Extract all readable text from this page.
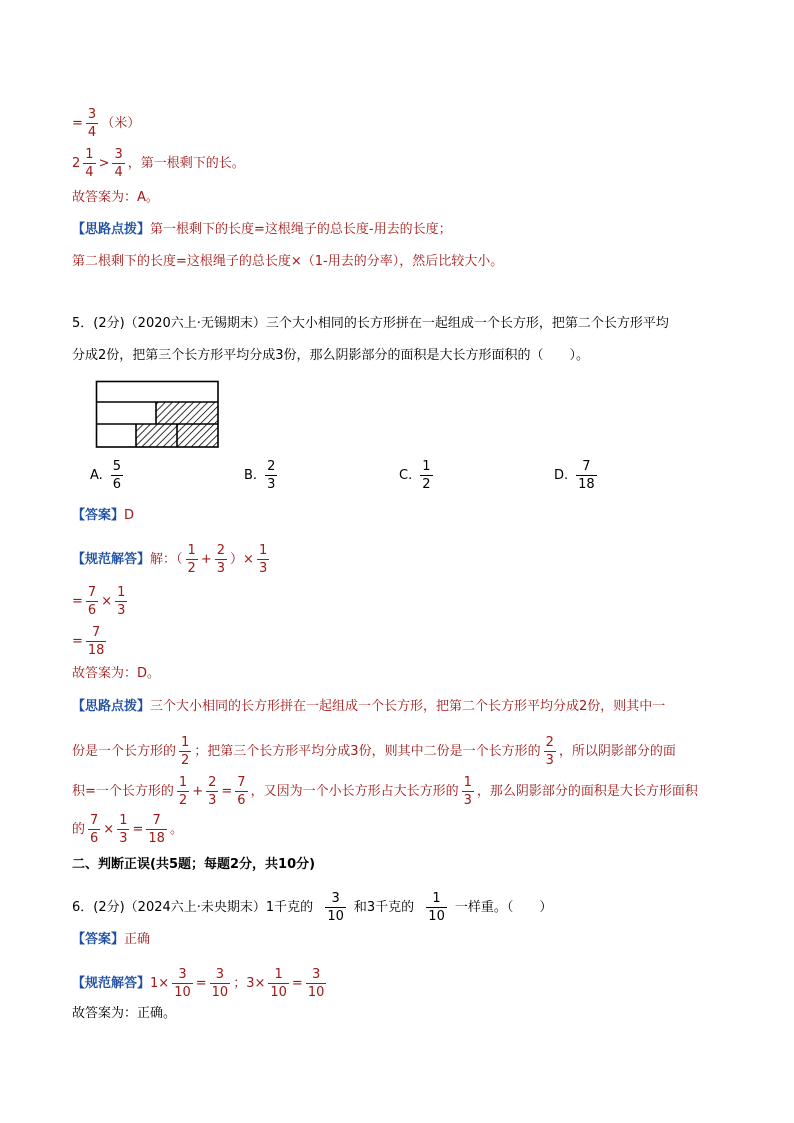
= $\frac{3}{4}$ （米）
$2 \frac{1}{4} > \frac{3}{4}$ ，第一根剩下的长。
故答案为：A。
【思路点拨】第一根剩下的长度=这根绳子的总长度-用去的长度；
第二根剩下的长度=这根绳子的总长度×（1-用去的分率），然后比较大小。
5．(2分)（2020六上·无锡期末）三个大小相同的长方形拼在一起组成一个长方形，把第二个长方形平均
分成2份，把第三个长方形平均分成3份，那么阴影部分的面积是大长方形面积的（　　）。
A. $\frac{5}{6}$	B. $\frac{2}{3}$	C. $\frac{1}{2}$	D. $\frac{7}{18}$
【答案】D
【规范解答】解：（ $\frac{1}{2} + \frac{2}{3}$ ）× $\frac{1}{3}$
= $\frac{7}{6} \times \frac{1}{3}$
= $\frac{7}{18}$
故答案为：D。
【思路点拨】三个大小相同的长方形拼在一起组成一个长方形，把第二个长方形平均分成2份，则其中一
份是一个长方形的 $\frac{1}{2}$ ；把第三个长方形平均分成3份，则其中二份是一个长方形的 $\frac{2}{3}$ ，所以阴影部分的面
积=一个长方形的 $\frac{1}{2} + \frac{2}{3} = \frac{7}{6}$ ，又因为一个小长方形占大长方形的 $\frac{1}{3}$ ，那么阴影部分的面积是大长方形面积
的 $\frac{7}{6} \times \frac{1}{3} = \frac{7}{18}$ 。
二、判断正误(共5题；每题2分，共10分)
6．(2分)（2024六上·未央期末）1千克的 $\frac{3}{10}$ 和3千克的 $\frac{1}{10}$ 一样重。（　　）
【答案】正确
【规范解答】$1\times \frac{3}{10} = \frac{3}{10}$ ；$3\times \frac{1}{10} = \frac{3}{10}$
故答案为：正确。
